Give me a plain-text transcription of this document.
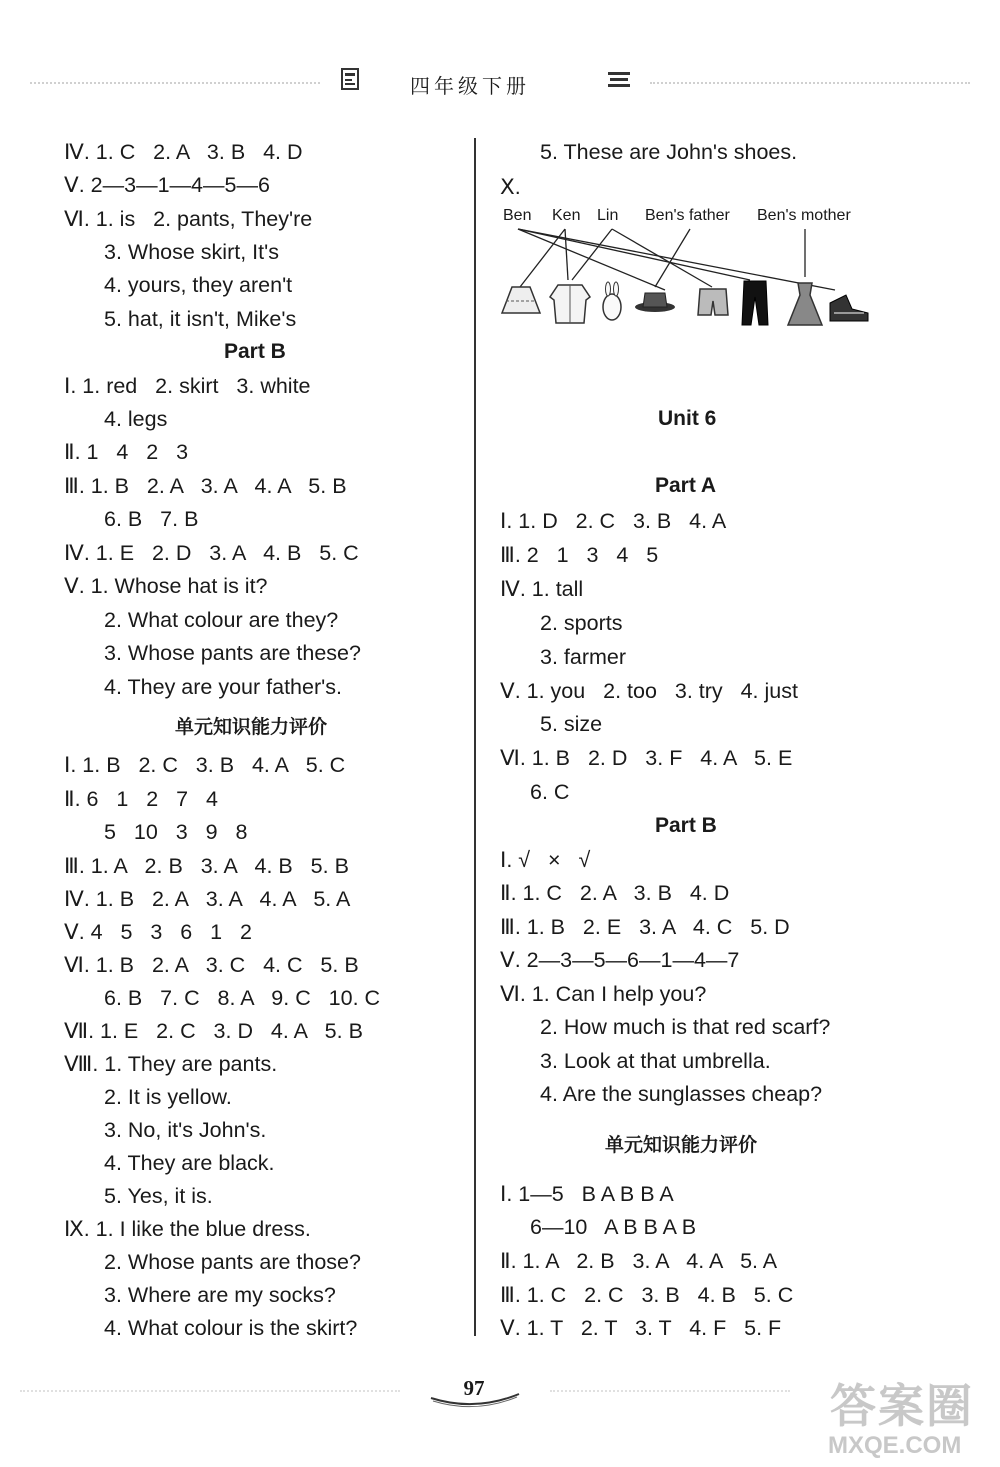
四年级下册
Ⅳ. 1. C   2. A   3. B   4. D
Ⅴ. 2—3—1—4—5—6
Ⅵ. 1. is   2. pants, They're
3. Whose skirt, It's
4. yours, they aren't
5. hat, it isn't, Mike's
Part B
Ⅰ. 1. red   2. skirt   3. white
4. legs
Ⅱ. 1   4   2   3
Ⅲ. 1. B   2. A   3. A   4. A   5. B
6. B   7. B
Ⅳ. 1. E   2. D   3. A   4. B   5. C
Ⅴ. 1. Whose hat is it?
2. What colour are they?
3. Whose pants are these?
4. They are your father's.
单元知识能力评价
Ⅰ. 1. B   2. C   3. B   4. A   5. C
Ⅱ. 6   1   2   7   4
5   10   3   9   8
Ⅲ. 1. A   2. B   3. A   4. B   5. B
Ⅳ. 1. B   2. A   3. A   4. A   5. A
Ⅴ. 4   5   3   6   1   2
Ⅵ. 1. B   2. A   3. C   4. C   5. B
6. B   7. C   8. A   9. C   10. C
Ⅶ. 1. E   2. C   3. D   4. A   5. B
Ⅷ. 1. They are pants.
2. It is yellow.
3. No, it's John's.
4. They are black.
5. Yes, it is.
Ⅸ. 1. I like the blue dress.
2. Whose pants are those?
3. Where are my socks?
4. What colour is the skirt?
5. These are John's shoes.
Ⅹ.
Ben Ken Lin Ben's father Ben's mother
Unit 6
Part A
Ⅰ. 1. D   2. C   3. B   4. A
Ⅲ. 2   1   3   4   5
Ⅳ. 1. tall
2. sports
3. farmer
Ⅴ. 1. you   2. too   3. try   4. just
5. size
Ⅵ. 1. B   2. D   3. F   4. A   5. E
6. C
Part B
Ⅰ. √   ×   √
Ⅱ. 1. C   2. A   3. B   4. D
Ⅲ. 1. B   2. E   3. A   4. C   5. D
Ⅴ. 2—3—5—6—1—4—7
Ⅵ. 1. Can I help you?
2. How much is that red scarf?
3. Look at that umbrella.
4. Are the sunglasses cheap?
单元知识能力评价
Ⅰ. 1—5   B A B B A
6—10   A B B A B
Ⅱ. 1. A   2. B   3. A   4. A   5. A
Ⅲ. 1. C   2. C   3. B   4. B   5. C
Ⅴ. 1. T   2. T   3. T   4. F   5. F
97	答案圈
MXQE.COM
